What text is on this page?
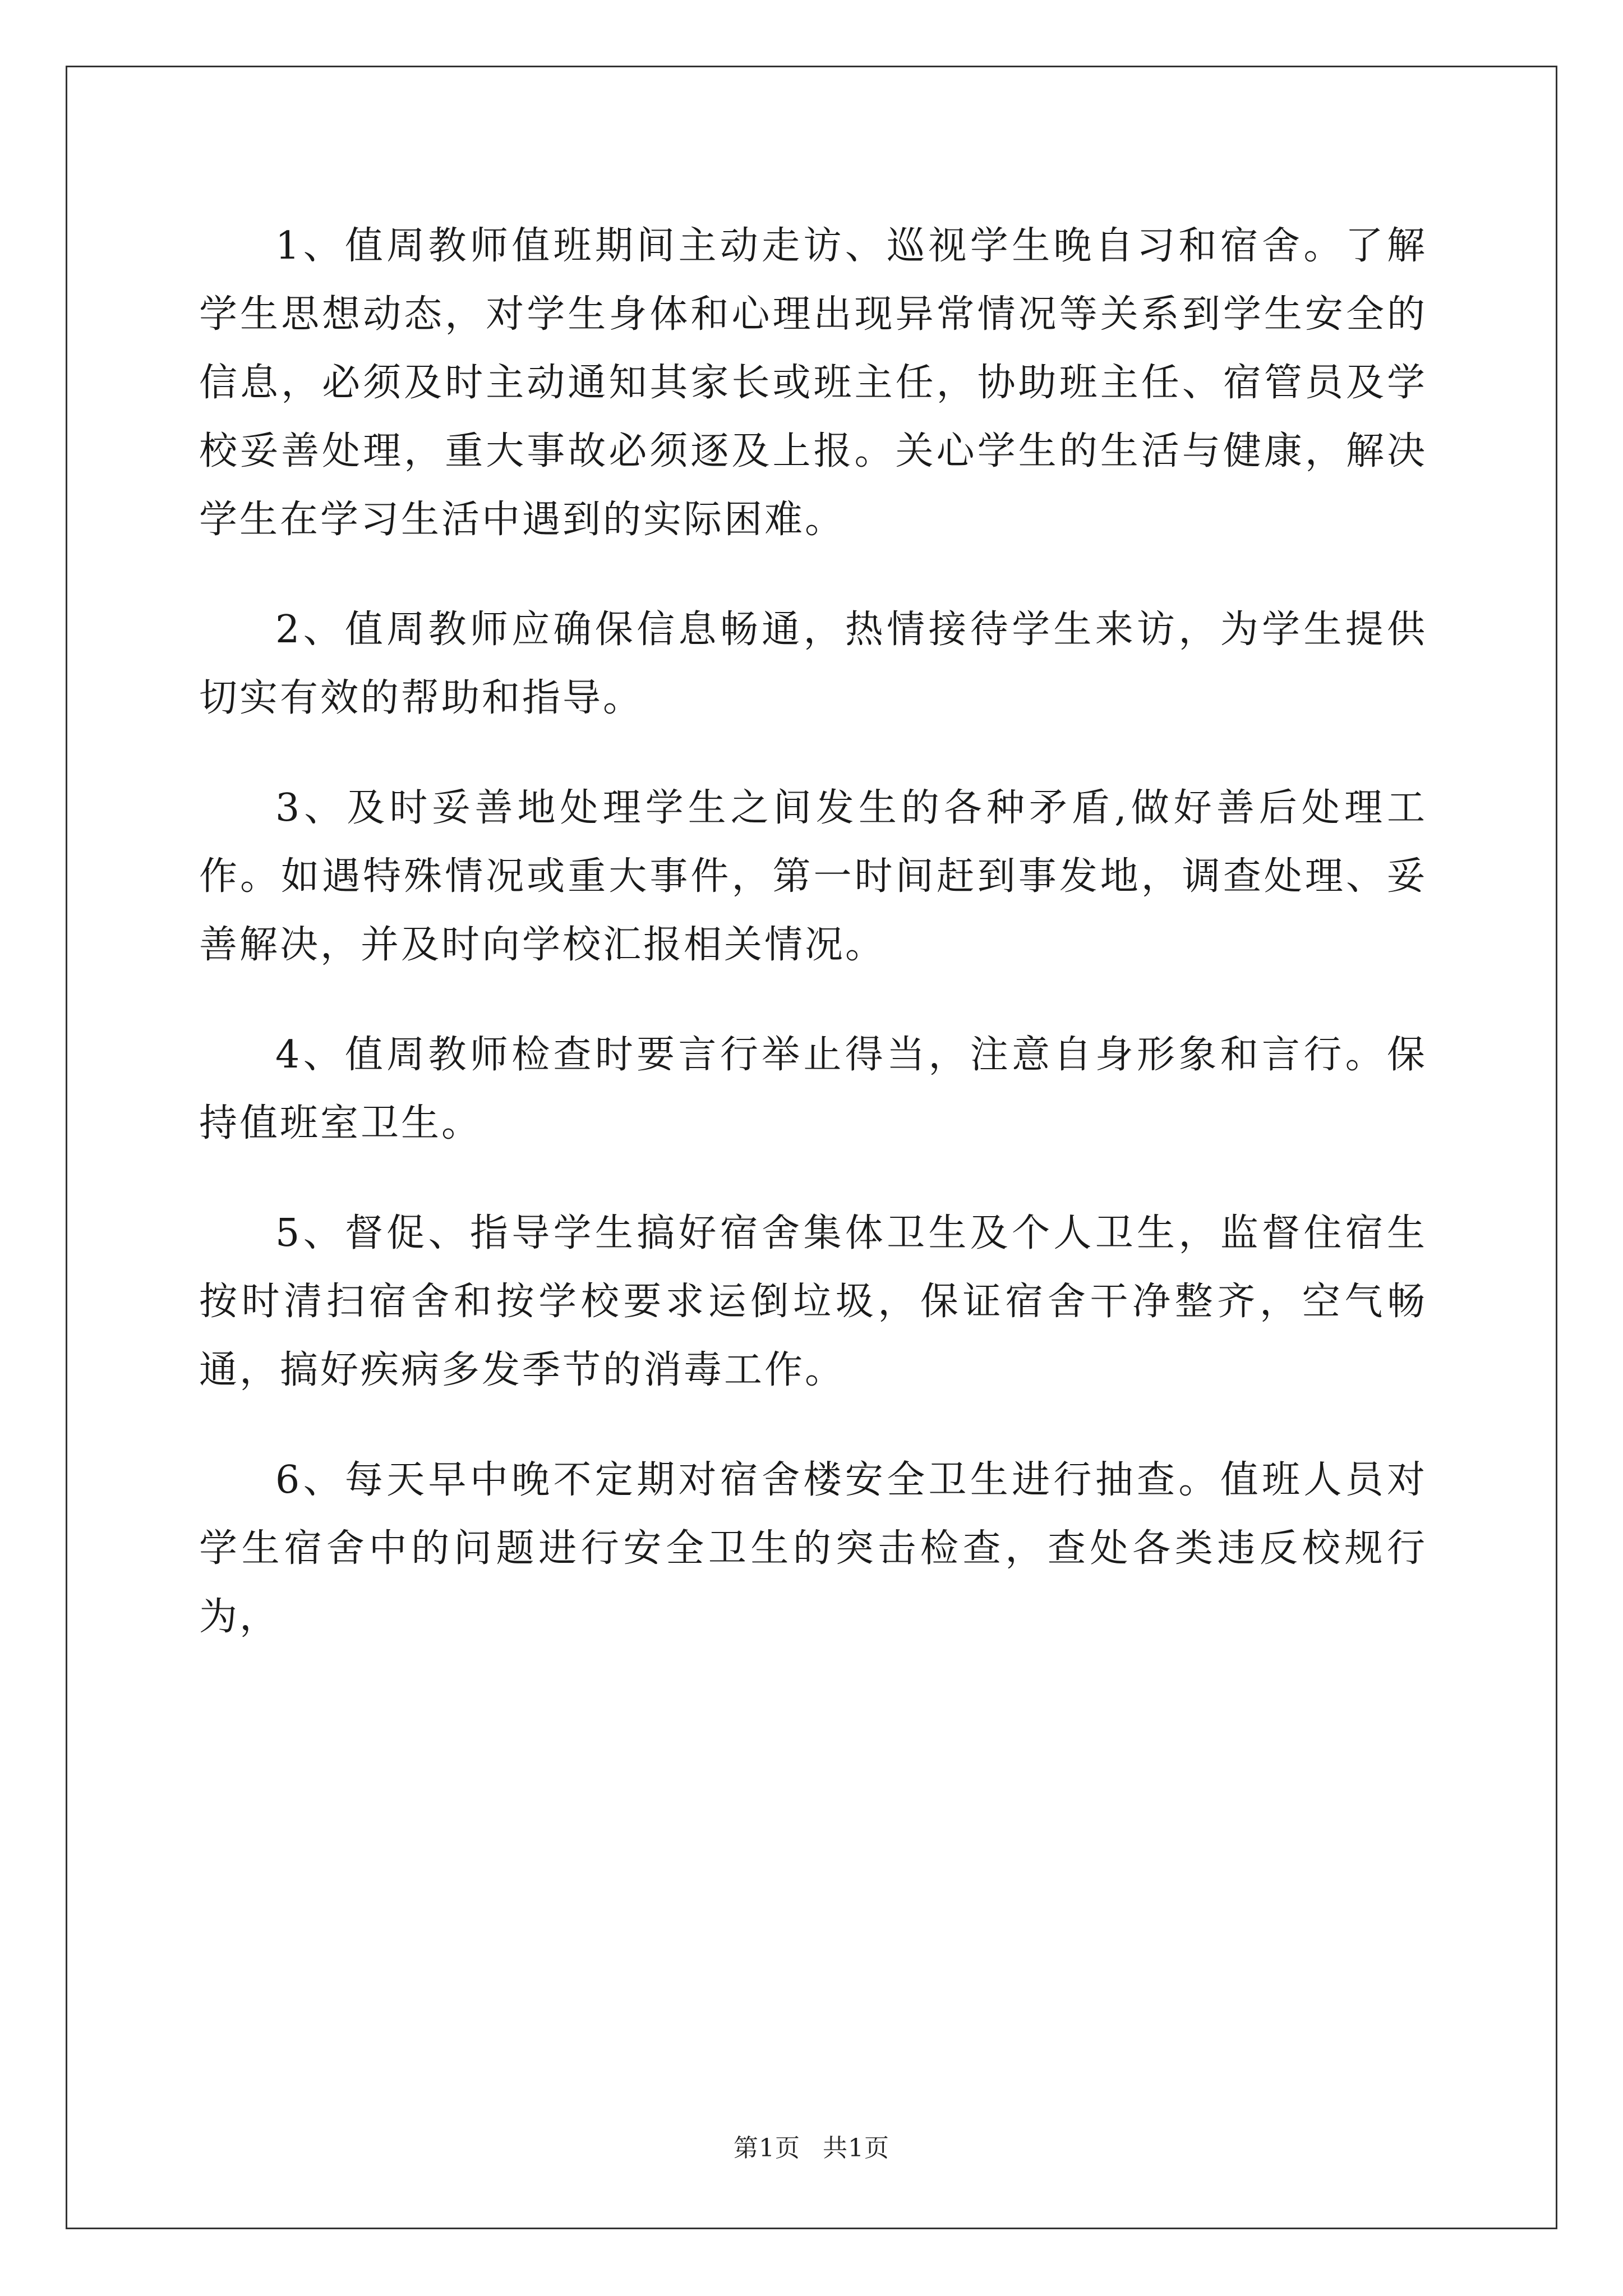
1、值周教师值班期间主动走访、巡视学生晚自习和宿舍。了解学生思想动态，对学生身体和心理出现异常情况等关系到学生安全的信息，必须及时主动通知其家长或班主任，协助班主任、宿管员及学校妥善处理，重大事故必须逐及上报。关心学生的生活与健康，解决学生在学习生活中遇到的实际困难。

2、值周教师应确保信息畅通，热情接待学生来访，为学生提供切实有效的帮助和指导。

3、及时妥善地处理学生之间发生的各种矛盾,做好善后处理工作。如遇特殊情况或重大事件，第一时间赶到事发地，调查处理、妥善解决，并及时向学校汇报相关情况。

4、值周教师检查时要言行举止得当，注意自身形象和言行。保持值班室卫生。

5、督促、指导学生搞好宿舍集体卫生及个人卫生，监督住宿生按时清扫宿舍和按学校要求运倒垃圾，保证宿舍干净整齐，空气畅通，搞好疾病多发季节的消毒工作。

6、每天早中晚不定期对宿舍楼安全卫生进行抽查。值班人员对学生宿舍中的问题进行安全卫生的突击检查，查处各类违反校规行为，

第1页 共1页
